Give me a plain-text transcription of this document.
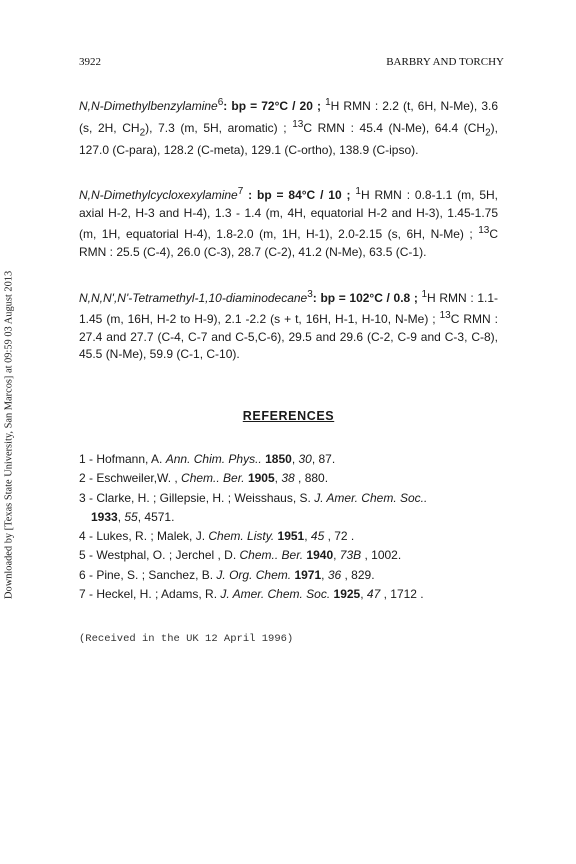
Downloaded by [Texas State University, San Marcos] at 09:59 03 August 2013
3922	BARBRY AND TORCHY

N,N-Dimethylbenzylamine$^6$: bp = 72°C / 20 ; $^1$H RMN : 2.2 (t, 6H, N-Me), 3.6 (s, 2H, $CH_2$), 7.3 (m, 5H, aromatic) ; $^{13}$C RMN : 45.4 (N-Me), 64.4 $(CH_2)$, 127.0 (C-para), 128.2 (C-meta), 129.1 (C-ortho), 138.9 (C-ipso).

N,N-Dimethylcycloxexylamine$^7$ : bp = 84°C / 10 ; $^1$H RMN : 0.8-1.1 (m, 5H, axial H-2, H-3 and H-4), 1.3 - 1.4 (m, 4H, equatorial H-2 and H-3), 1.45-1.75 (m, 1H, equatorial H-4), 1.8-2.0 (m, 1H, H-1), 2.0-2.15 (s, 6H, N-Me) ; $^{13}$C RMN : 25.5 (C-4), 26.0 (C-3), 28.7 (C-2), 41.2 (N-Me), 63.5 (C-1).

N,N,N',N'-Tetramethyl-1,10-diaminodecane$^3$: bp = 102°C / 0.8 ; $^1$H RMN : 1.1-1.45 (m, 16H, H-2 to H-9), 2.1 -2.2 (s + t, 16H, H-1, H-10, N-Me) ; $^{13}$C RMN : 27.4 and 27.7 (C-4, C-7 and C-5,C-6), 29.5 and 29.6 (C-2, C-9 and C-3, C-8), 45.5 (N-Me), 59.9 (C-1, C-10).

REFERENCES
1 - Hofmann, A. Ann. Chim. Phys.. 1850, 30, 87.
2 - Eschweiler,W. , Chem.. Ber. 1905, 38 , 880.
3 - Clarke, H. ; Gillepsie, H. ; Weisshaus, S. J. Amer. Chem. Soc..
1933, 55, 4571.
4 - Lukes, R. ; Malek, J. Chem. Listy. 1951, 45 , 72 .
5 - Westphal, O. ; Jerchel , D. Chem.. Ber. 1940, 73B , 1002.
6 - Pine, S. ; Sanchez, B. J. Org. Chem. 1971, 36 , 829.
7 - Heckel, H. ; Adams, R. J. Amer. Chem. Soc. 1925, 47 , 1712 .
(Received in the UK 12 April 1996)
